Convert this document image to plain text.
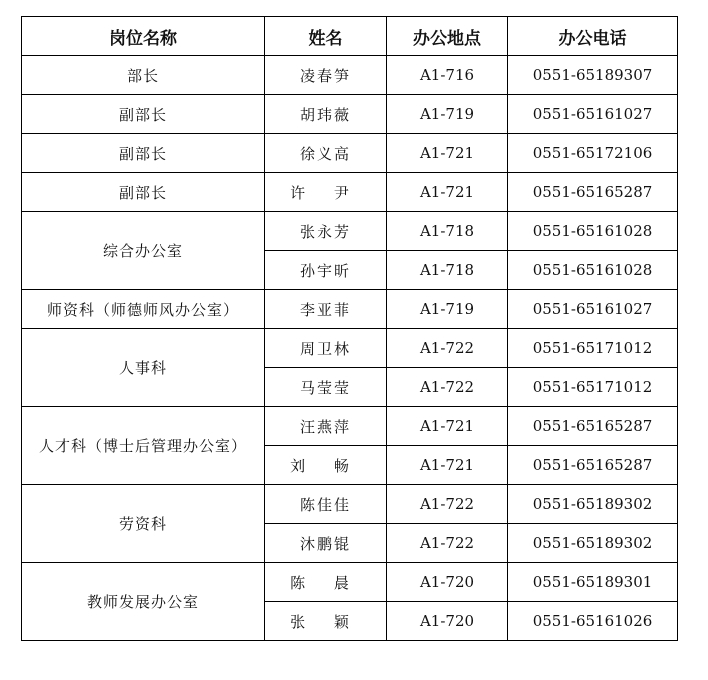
岗位名称	姓名	办公地点	办公电话
部长	凌春笋	A1-716	0551-65189307
副部长	胡玮薇	A1-719	0551-65161027
副部长	徐义高	A1-721	0551-65172106
副部长	许 尹	A1-721	0551-65165287
综合办公室	张永芳	A1-718	0551-65161028
	孙宇昕	A1-718	0551-65161028
师资科（师德师风办公室）	李亚菲	A1-719	0551-65161027
人事科	周卫林	A1-722	0551-65171012
	马莹莹	A1-722	0551-65171012
人才科（博士后管理办公室）	汪燕萍	A1-721	0551-65165287
	刘 畅	A1-721	0551-65165287
劳资科	陈佳佳	A1-722	0551-65189302
	沐鹏锟	A1-722	0551-65189302
教师发展办公室	陈 晨	A1-720	0551-65189301
	张 颖	A1-720	0551-65161026
